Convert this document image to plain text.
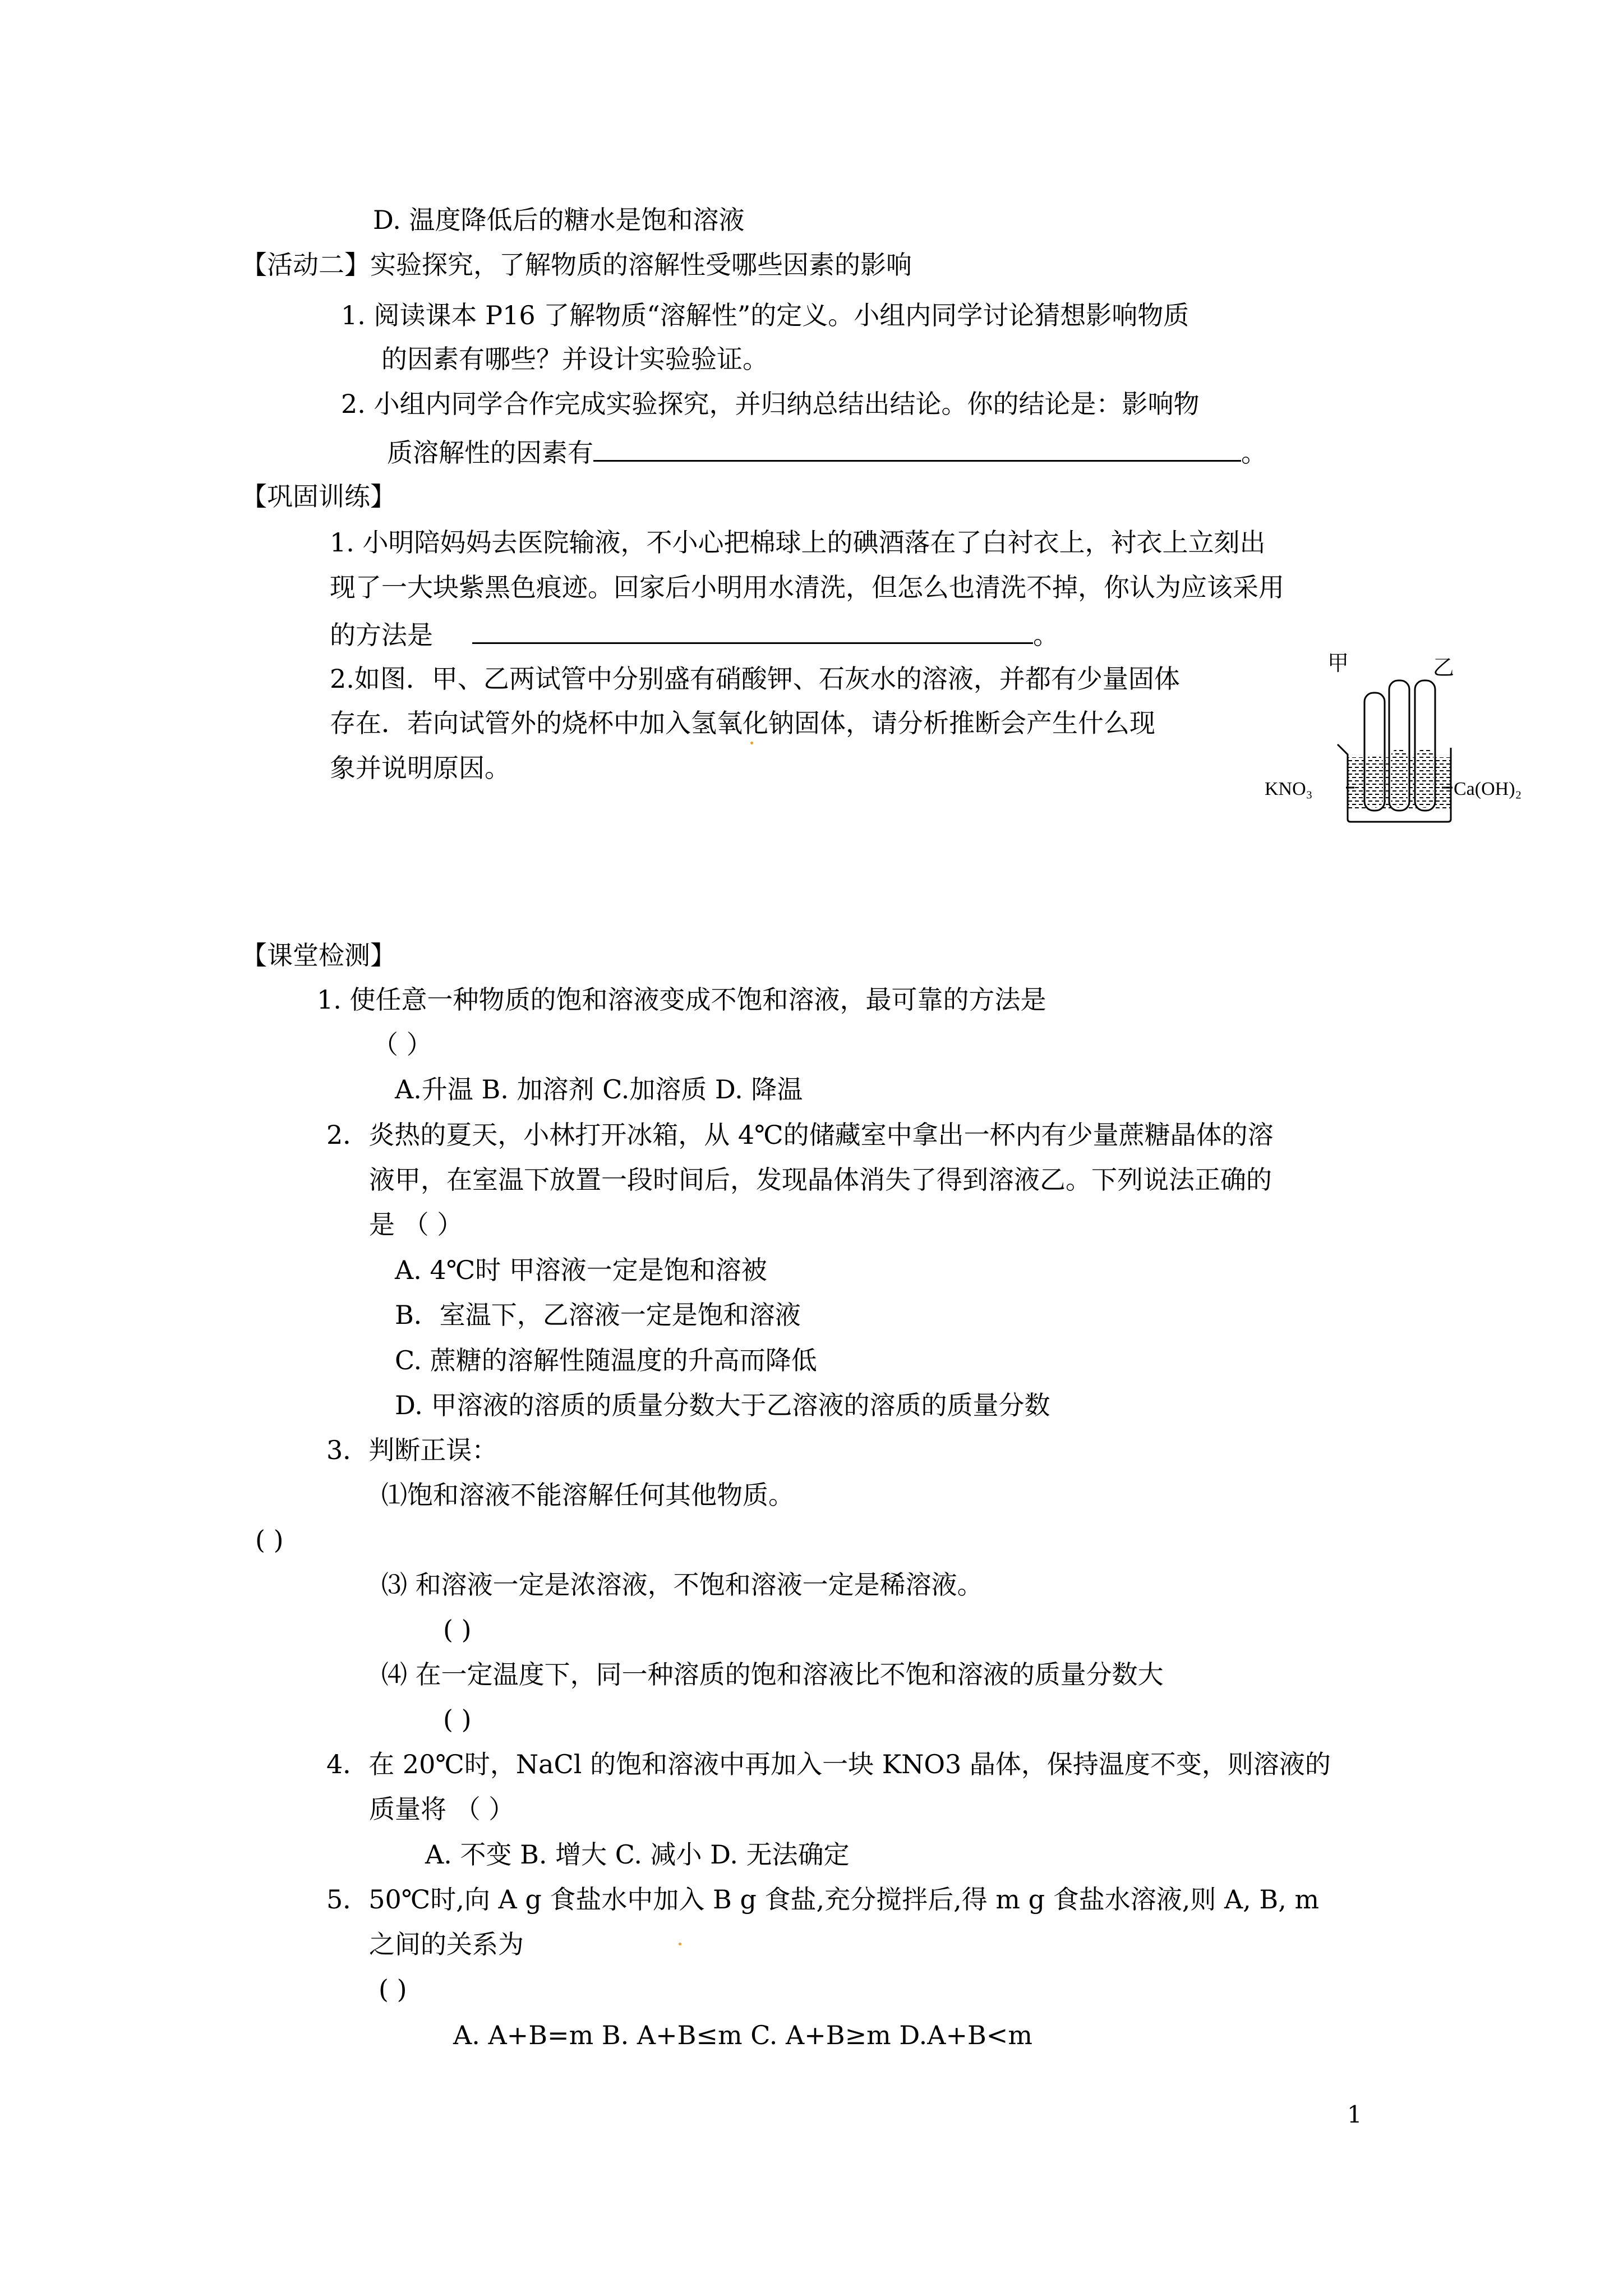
D. 温度降低后的糖水是饱和溶液
【活动二】实验探究，了解物质的溶解性受哪些因素的影响
1. 阅读课本 P16 了解物质“溶解性”的定义。小组内同学讨论猜想影响物质
的因素有哪些？并设计实验验证。
2. 小组内同学合作完成实验探究，并归纳总结出结论。你的结论是：影响物
质溶解性的因素有	。
【巩固训练】
1. 小明陪妈妈去医院输液，不小心把棉球上的碘酒落在了白衬衣上，衬衣上立刻出
现了一大块紫黑色痕迹。回家后小明用水清洗，但怎么也清洗不掉，你认为应该采用
的方法是	。
2.如图．甲、乙两试管中分别盛有硝酸钾、石灰水的溶液，并都有少量固体
存在．若向试管外的烧杯中加入氢氧化钠固体，请分析推断会产生什么现
象并说明原因。
甲	乙
KNO₃	Ca(OH)₂
【课堂检测】
1. 使任意一种物质的饱和溶液变成不饱和溶液，最可靠的方法是
（ ）
A.升温 B. 加溶剂 C.加溶质 D. 降温
2．炎热的夏天，小林打开冰箱，从 4℃的储藏室中拿出一杯内有少量蔗糖晶体的溶
液甲，在室温下放置一段时间后，发现晶体消失了得到溶液乙。下列说法正确的
是 （ ）
A. 4℃时 甲溶液一定是饱和溶被
B．室温下，乙溶液一定是饱和溶液
C. 蔗糖的溶解性随温度的升高而降低
D. 甲溶液的溶质的质量分数大于乙溶液的溶质的质量分数
3．判断正误：
⑴饱和溶液不能溶解任何其他物质。
( )
⑶ 和溶液一定是浓溶液，不饱和溶液一定是稀溶液。
( )
⑷ 在一定温度下，同一种溶质的饱和溶液比不饱和溶液的质量分数大
( )
4．在 20℃时，NaCl 的饱和溶液中再加入一块 KNO3 晶体，保持温度不变，则溶液的
质量将 （ ）
A. 不变 B. 增大 C. 减小 D. 无法确定
5．50℃时,向 A g 食盐水中加入 B g 食盐,充分搅拌后,得 m g 食盐水溶液,则 A, B, m
之间的关系为
( )
A. A+B=m B. A+B≤m C. A+B≥m D.A+B<m
1
